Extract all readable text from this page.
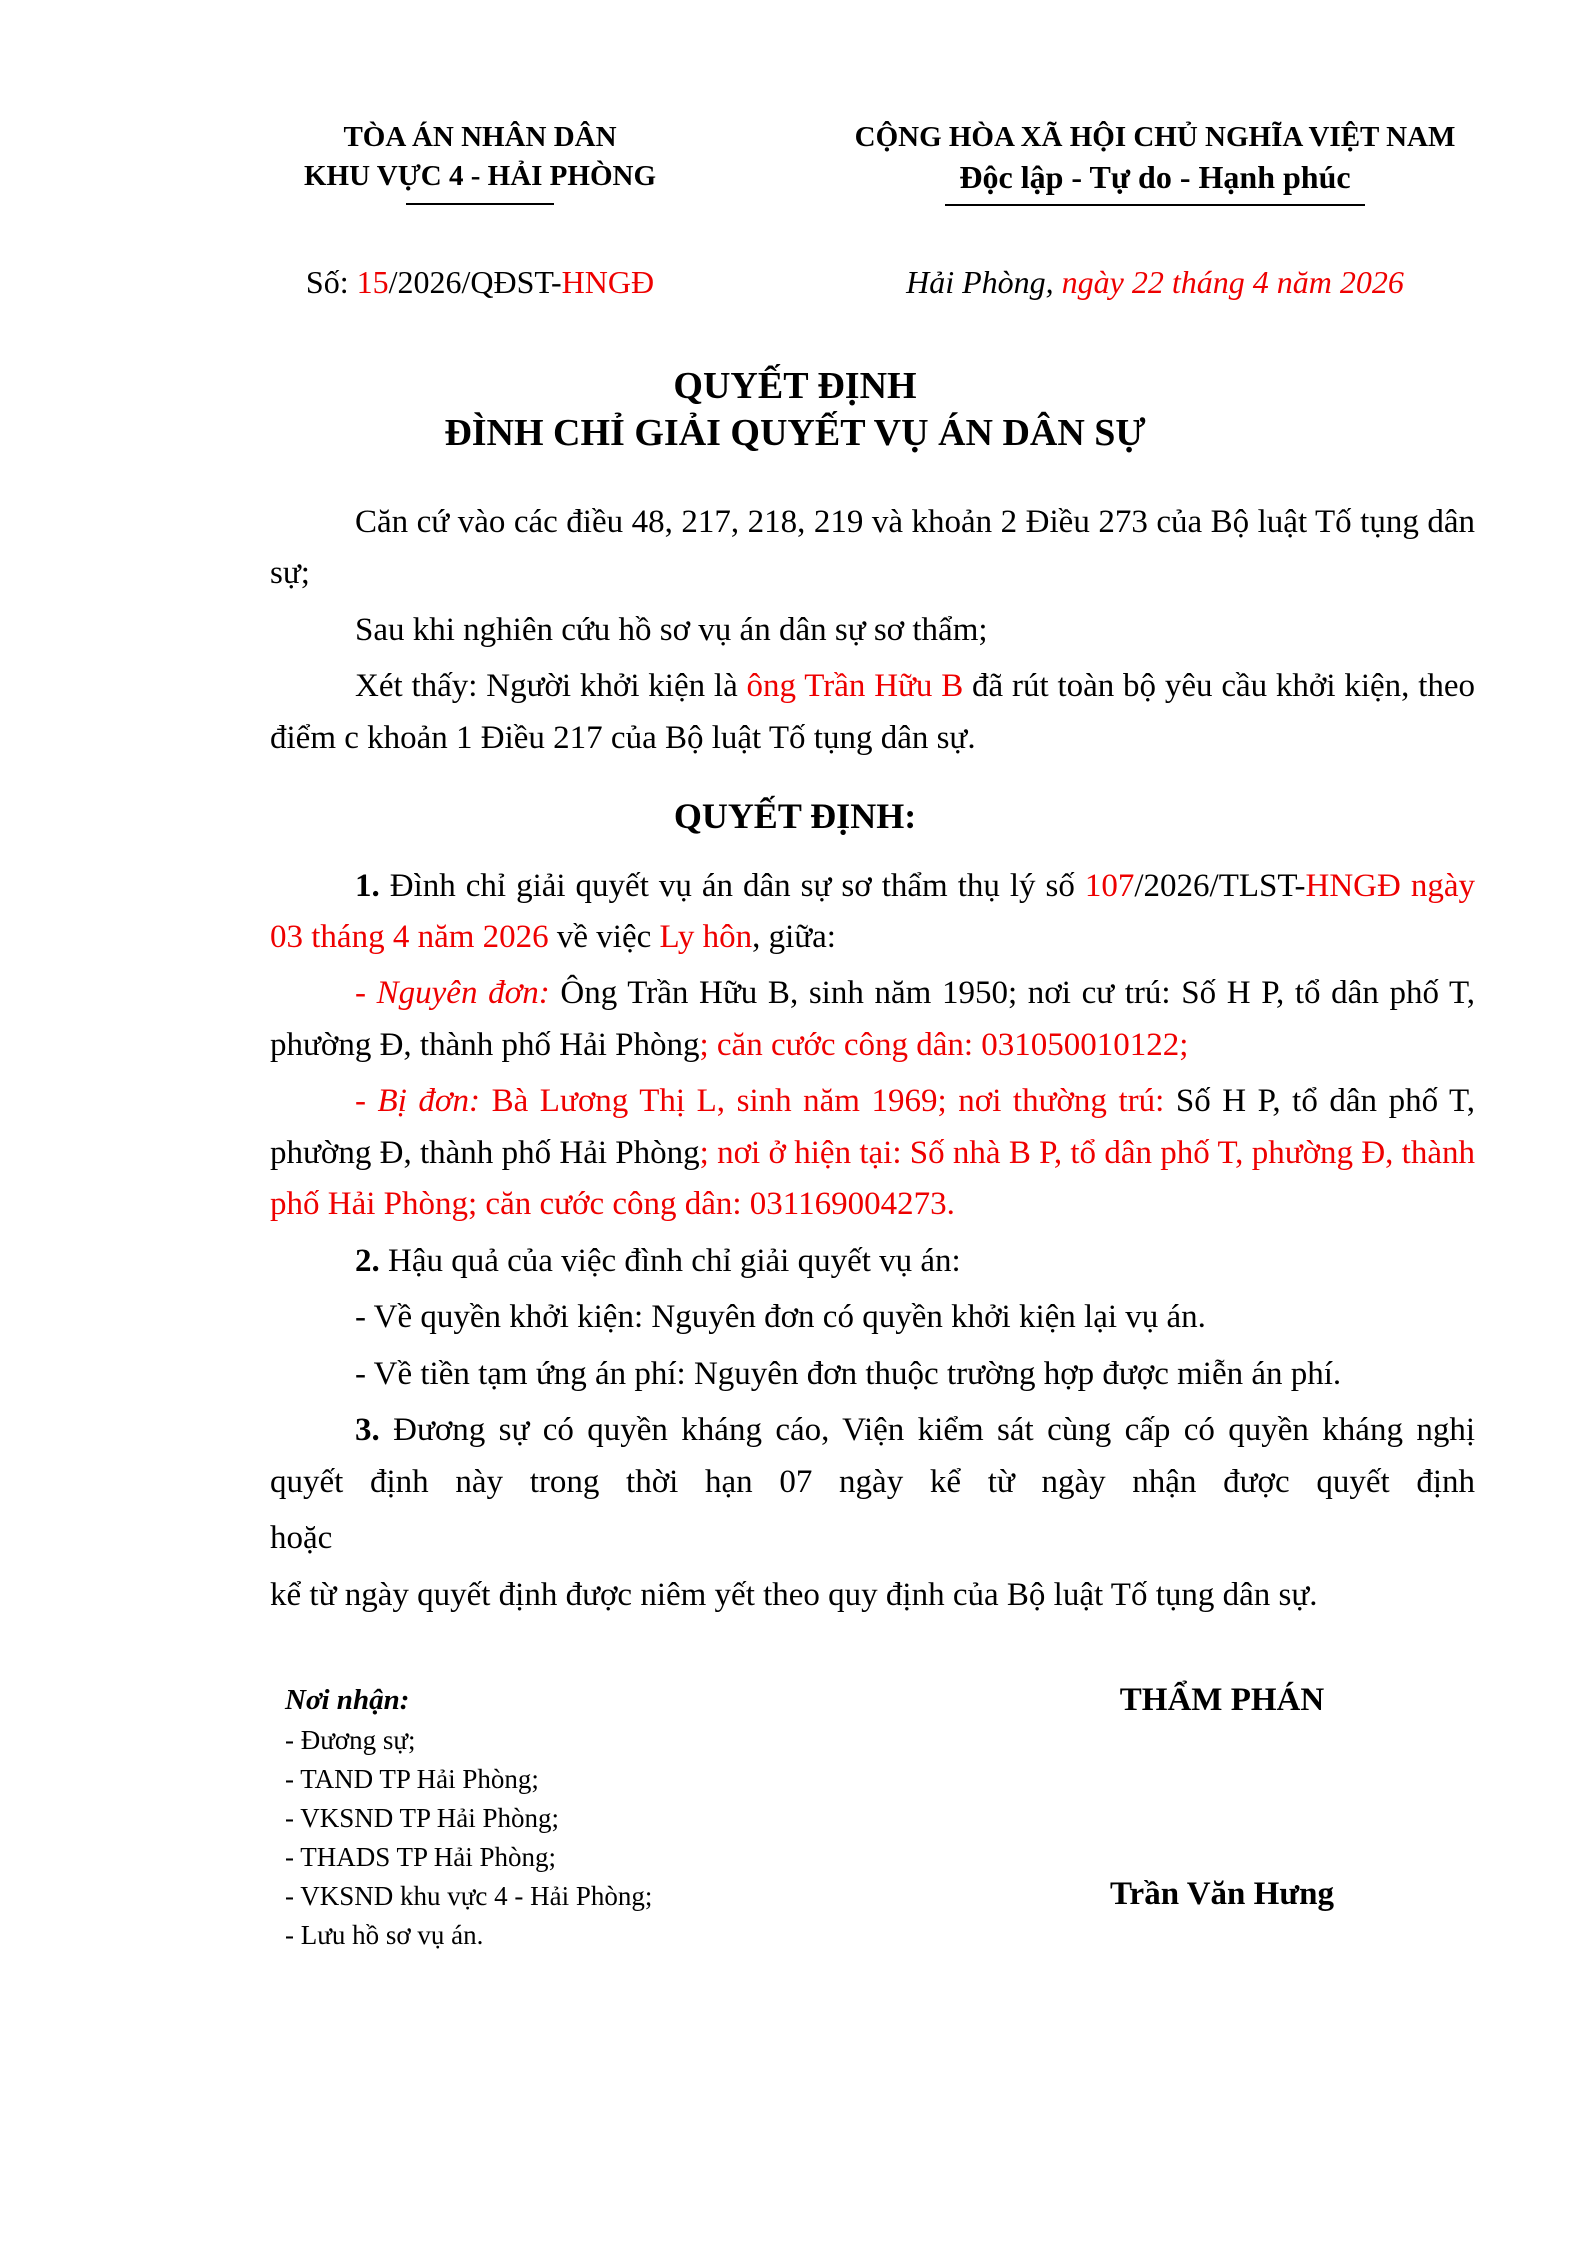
TÒA ÁN NHÂN DÂN
KHU VỰC 4 - HẢI PHÒNG
CỘNG HÒA XÃ HỘI CHỦ NGHĨA VIỆT NAM
Độc lập - Tự do - Hạnh phúc
Số: 15/2026/QĐST-HNGĐ	Hải Phòng, ngày 22 tháng 4 năm 2026
QUYẾT ĐỊNH
ĐÌNH CHỈ GIẢI QUYẾT VỤ ÁN DÂN SỰ

Căn cứ vào các điều 48, 217, 218, 219 và khoản 2 Điều 273 của Bộ luật Tố tụng dân sự;

Sau khi nghiên cứu hồ sơ vụ án dân sự sơ thẩm;

Xét thấy: Người khởi kiện là ông Trần Hữu B đã rút toàn bộ yêu cầu khởi kiện, theo điểm c khoản 1 Điều 217 của Bộ luật Tố tụng dân sự.

QUYẾT ĐỊNH:

1. Đình chỉ giải quyết vụ án dân sự sơ thẩm thụ lý số 107/2026/TLST-HNGĐ ngày 03 tháng 4 năm 2026 về việc Ly hôn, giữa:

- Nguyên đơn: Ông Trần Hữu B, sinh năm 1950; nơi cư trú: Số H P, tổ dân phố T, phường Đ, thành phố Hải Phòng; căn cước công dân: 031050010122;

- Bị đơn: Bà Lương Thị L, sinh năm 1969; nơi thường trú: Số H P, tổ dân phố T, phường Đ, thành phố Hải Phòng; nơi ở hiện tại: Số nhà B P, tổ dân phố T, phường Đ, thành phố Hải Phòng; căn cước công dân: 031169004273.

2. Hậu quả của việc đình chỉ giải quyết vụ án:

- Về quyền khởi kiện: Nguyên đơn có quyền khởi kiện lại vụ án.

- Về tiền tạm ứng án phí: Nguyên đơn thuộc trường hợp được miễn án phí.

3. Đương sự có quyền kháng cáo, Viện kiểm sát cùng cấp có quyền kháng nghị quyết định này trong thời hạn 07 ngày kể từ ngày nhận được quyết định

hoặc

kể từ ngày quyết định được niêm yết theo quy định của Bộ luật Tố tụng dân sự.

Nơi nhận:
- Đương sự;
- TAND TP Hải Phòng;
- VKSND TP Hải Phòng;
- THADS TP Hải Phòng;
- VKSND khu vực 4 - Hải Phòng;
- Lưu hồ sơ vụ án.
THẨM PHÁN
Trần Văn Hưng
